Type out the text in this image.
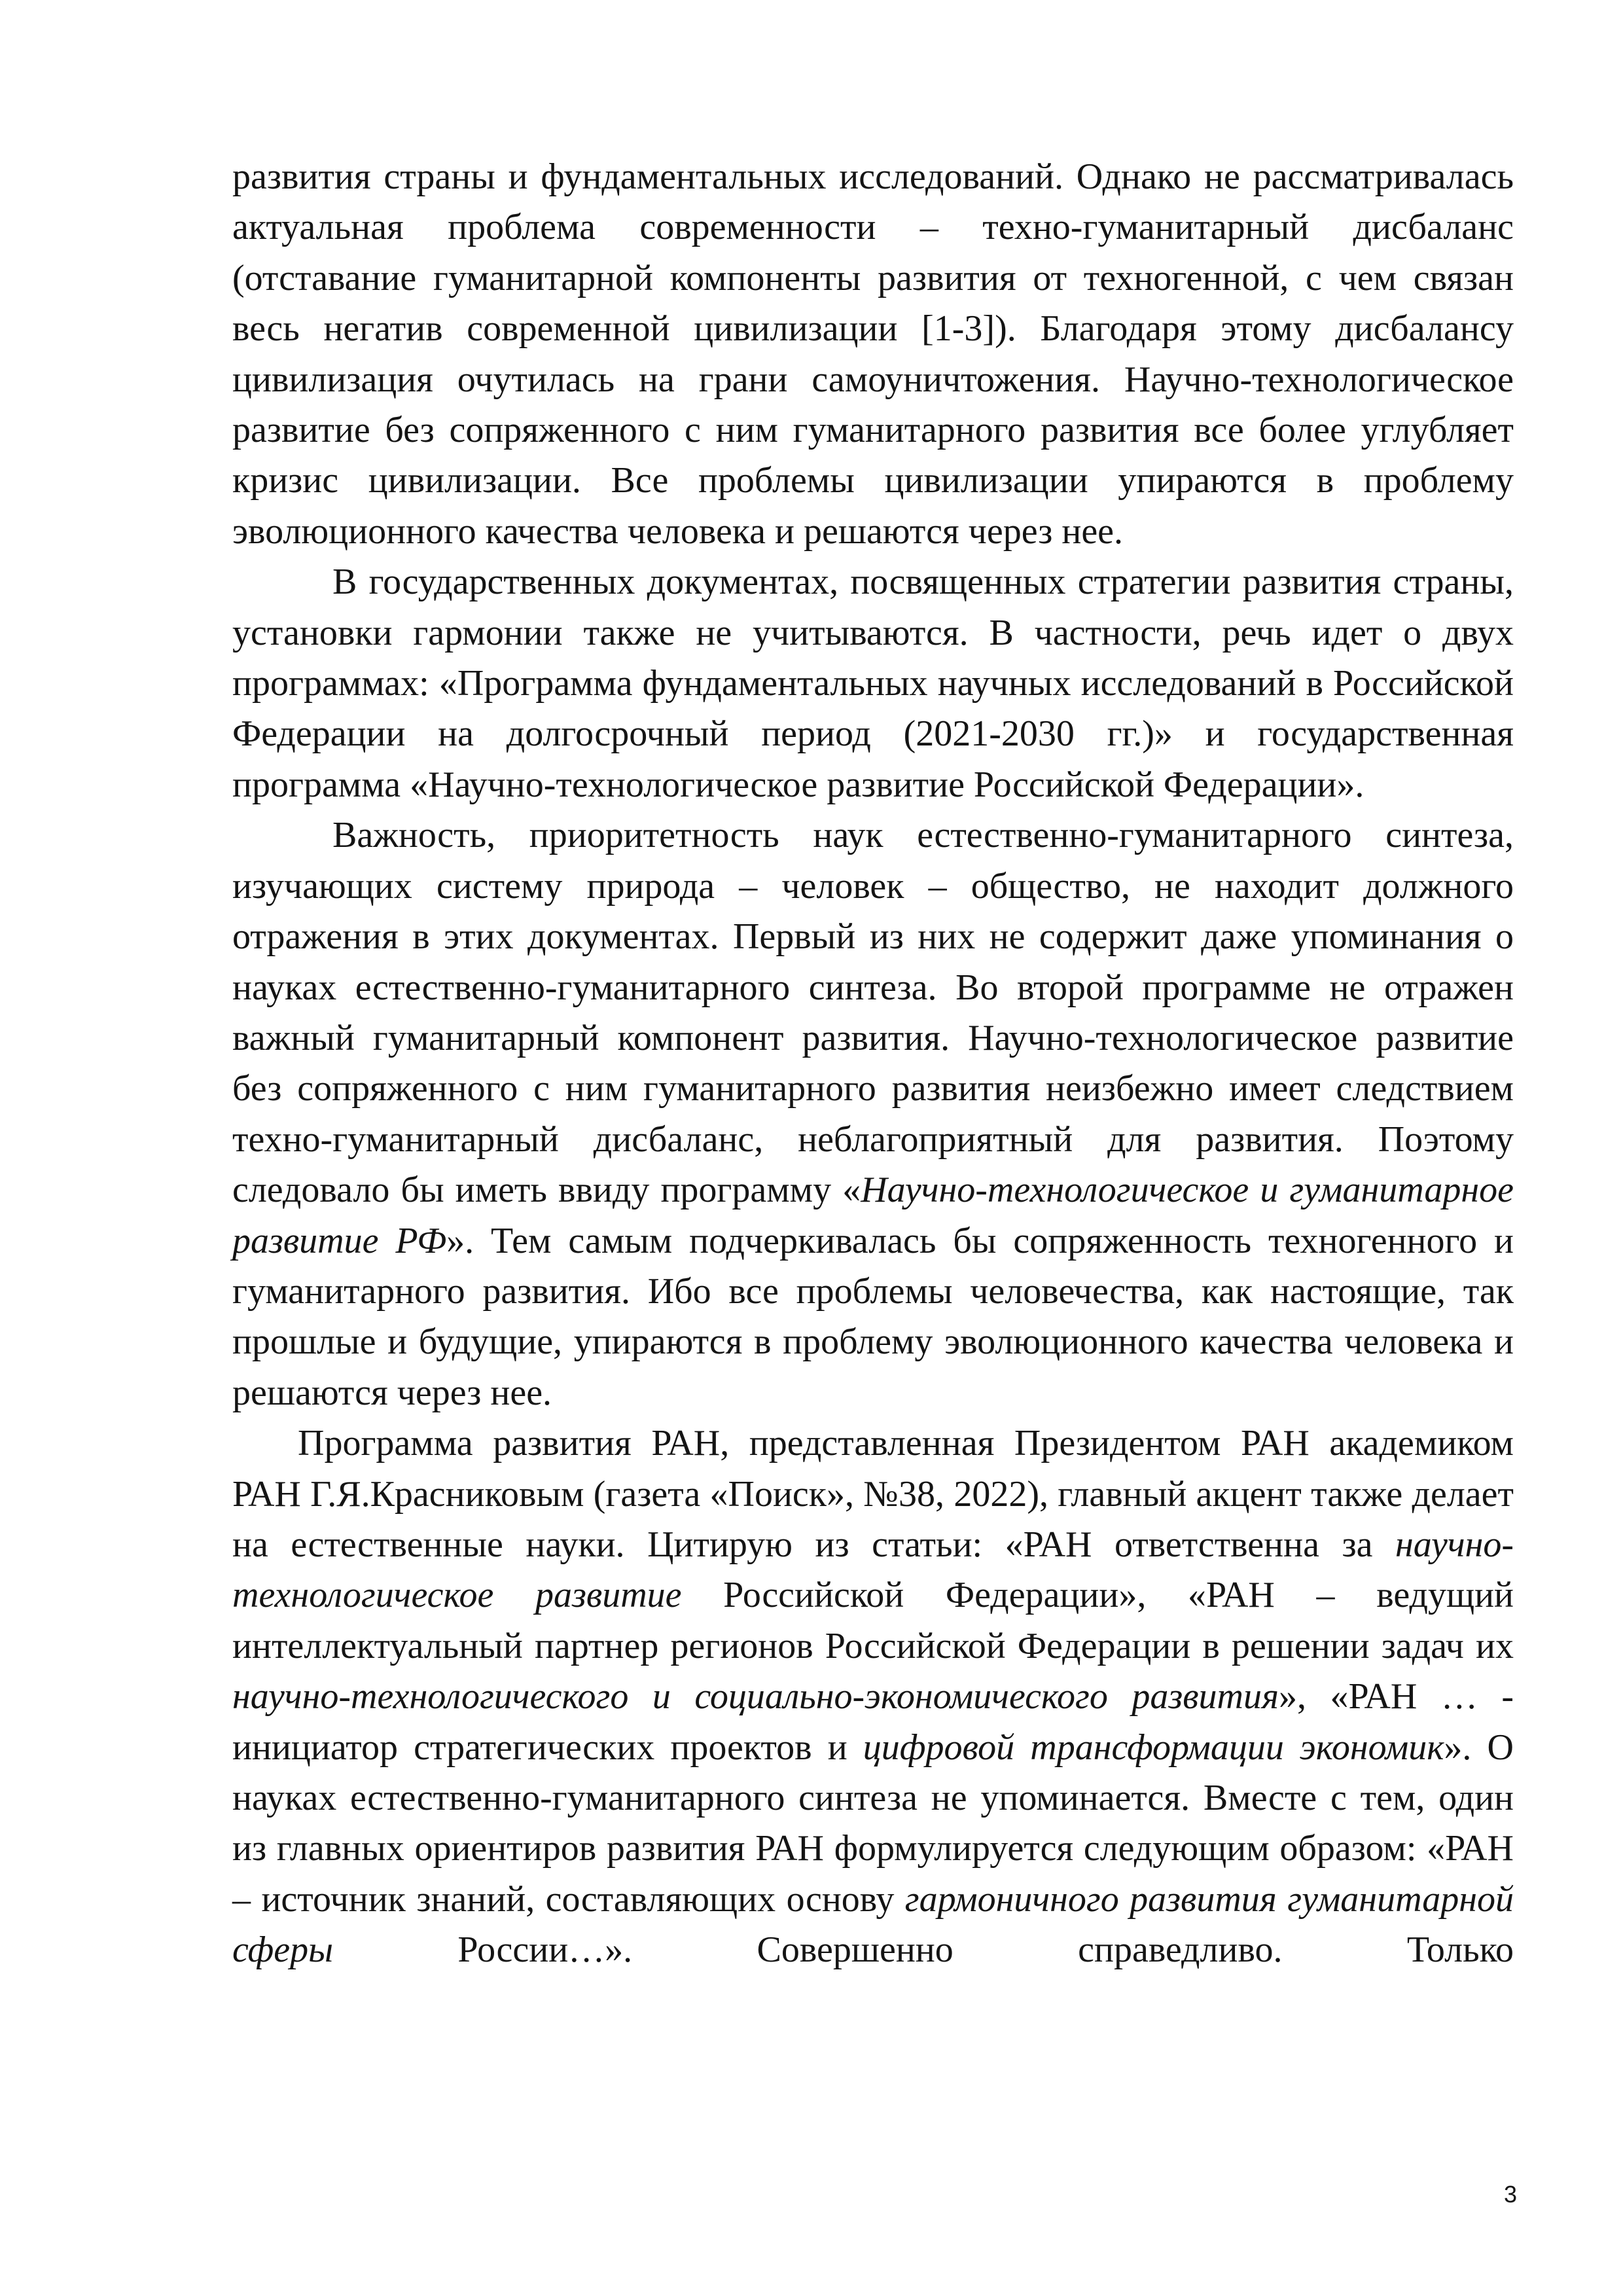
развития страны и фундаментальных исследований. Однако не рассматривалась актуальная проблема современности – техно-гуманитарный дисбаланс (отставание гуманитарной компоненты развития от техногенной, с чем связан весь негатив современной цивилизации [1-3]). Благодаря этому дисбалансу цивилизация очутилась на грани самоуничтожения. Научно-технологическое развитие без сопряженного с ним гуманитарного развития все более углубляет кризис цивилизации. Все проблемы цивилизации упираются в проблему эволюционного качества человека и решаются через нее.

В государственных документах, посвященных стратегии развития страны, установки гармонии также не учитываются. В частности, речь идет о двух программах: «Программа фундаментальных научных исследований в Российской Федерации на долгосрочный период (2021-2030 гг.)» и государственная программа «Научно-технологическое развитие Российской Федерации».

Важность, приоритетность наук естественно-гуманитарного синтеза, изучающих систему природа – человек – общество, не находит должного отражения в этих документах. Первый из них не содержит даже упоминания о науках естественно-гуманитарного синтеза. Во второй программе не отражен важный гуманитарный компонент развития. Научно-технологическое развитие без сопряженного с ним гуманитарного развития неизбежно имеет следствием техно-гуманитарный дисбаланс, неблагоприятный для развития. Поэтому следовало бы иметь ввиду программу «Научно-технологическое и гуманитарное развитие РФ». Тем самым подчеркивалась бы сопряженность техногенного и гуманитарного развития. Ибо все проблемы человечества, как настоящие, так прошлые и будущие, упираются в проблему эволюционного качества человека и решаются через нее.

Программа развития РАН, представленная Президентом РАН академиком РАН Г.Я.Красниковым (газета «Поиск», №38, 2022), главный акцент также делает на естественные науки. Цитирую из статьи: «РАН ответственна за научно-технологическое развитие Российской Федерации», «РАН – ведущий интеллектуальный партнер регионов Российской Федерации в решении задач их научно-технологического и социально-экономического развития», «РАН … - инициатор стратегических проектов и цифровой трансформации экономик». О науках естественно-гуманитарного синтеза не упоминается. Вместе с тем, один из главных ориентиров развития РАН формулируется следующим образом: «РАН – источник знаний, составляющих основу гармоничного развития гуманитарной сферы России…». Совершенно справедливо. Только

3
